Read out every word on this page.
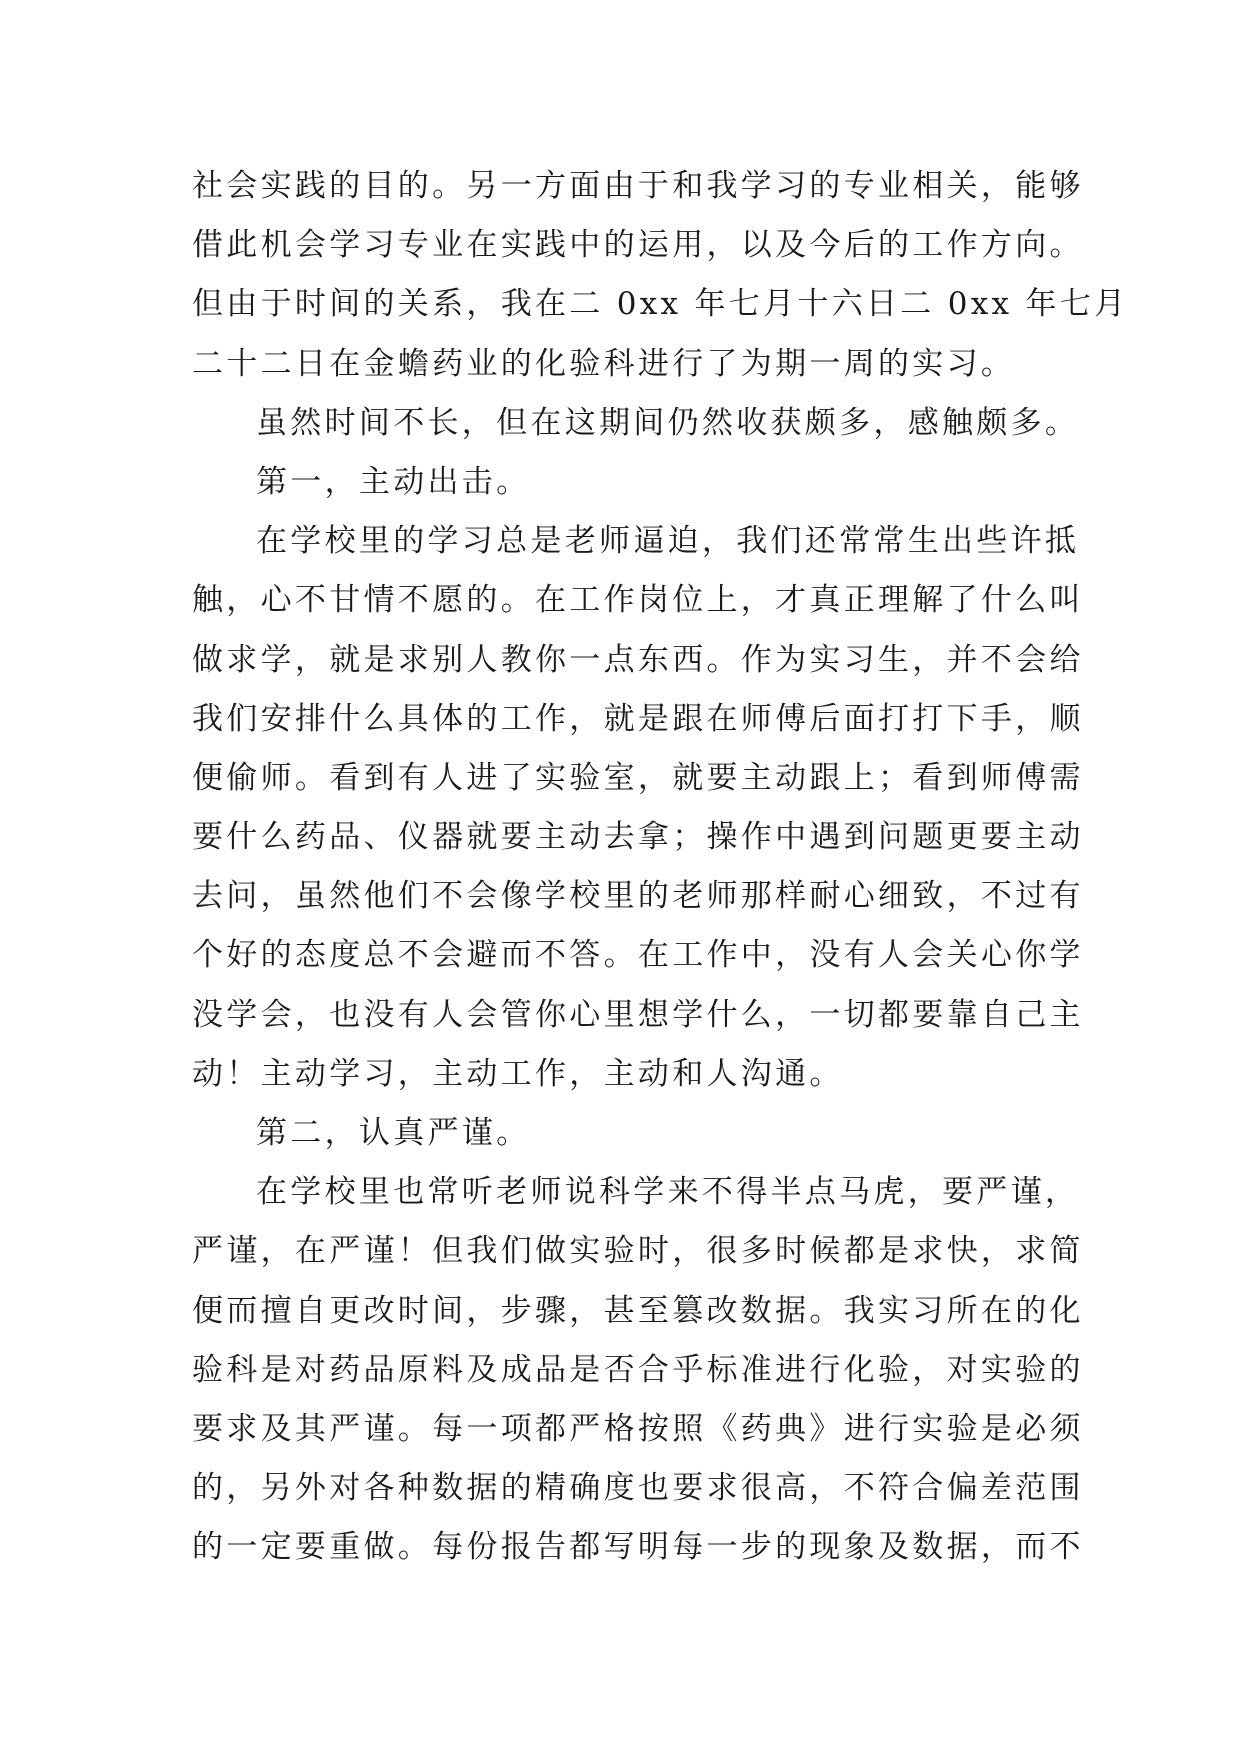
社会实践的目的。另一方面由于和我学习的专业相关，能够
借此机会学习专业在实践中的运用，以及今后的工作方向。
但由于时间的关系，我在二 0xx 年七月十六日二 0xx 年七月
二十二日在金蟾药业的化验科进行了为期一周的实习。
虽然时间不长，但在这期间仍然收获颇多，感触颇多。
第一，主动出击。
在学校里的学习总是老师逼迫，我们还常常生出些许抵
触，心不甘情不愿的。在工作岗位上，才真正理解了什么叫
做求学，就是求别人教你一点东西。作为实习生，并不会给
我们安排什么具体的工作，就是跟在师傅后面打打下手，顺
便偷师。看到有人进了实验室，就要主动跟上；看到师傅需
要什么药品、仪器就要主动去拿；操作中遇到问题更要主动
去问，虽然他们不会像学校里的老师那样耐心细致，不过有
个好的态度总不会避而不答。在工作中，没有人会关心你学
没学会，也没有人会管你心里想学什么，一切都要靠自己主
动！主动学习，主动工作，主动和人沟通。
第二，认真严谨。
在学校里也常听老师说科学来不得半点马虎，要严谨，
严谨，在严谨！但我们做实验时，很多时候都是求快，求简
便而擅自更改时间，步骤，甚至篡改数据。我实习所在的化
验科是对药品原料及成品是否合乎标准进行化验，对实验的
要求及其严谨。每一项都严格按照《药典》进行实验是必须
的，另外对各种数据的精确度也要求很高，不符合偏差范围
的一定要重做。每份报告都写明每一步的现象及数据，而不
